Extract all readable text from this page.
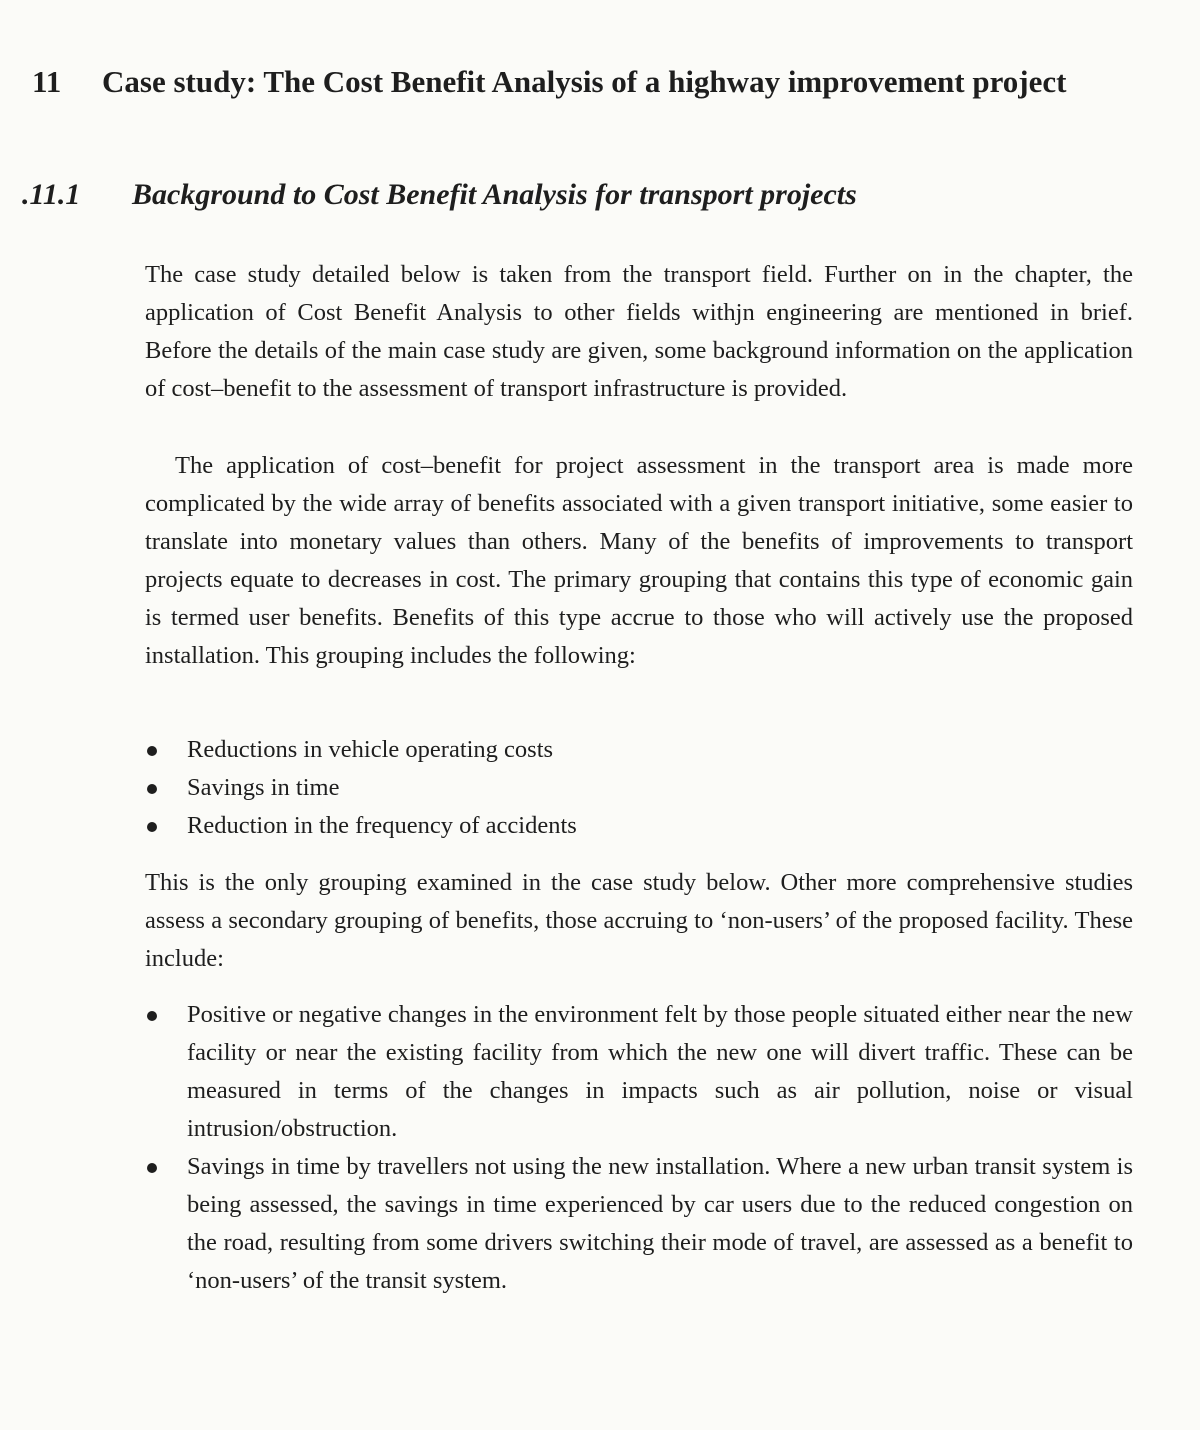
11 Case study: The Cost Benefit Analysis of a highway improvement project
.11.1 Background to Cost Benefit Analysis for transport projects

The case study detailed below is taken from the transport field. Further on in the chapter, the application of Cost Benefit Analysis to other fields withjn engineering are mentioned in brief. Before the details of the main case study are given, some background information on the application of cost–benefit to the assessment of transport infrastructure is provided.

The application of cost–benefit for project assessment in the transport area is made more complicated by the wide array of benefits associated with a given transport initiative, some easier to translate into monetary values than others. Many of the benefits of improvements to transport projects equate to decreases in cost. The primary grouping that contains this type of economic gain is termed user benefits. Benefits of this type accrue to those who will actively use the proposed installation. This grouping includes the following:

Reductions in vehicle operating costs
Savings in time
Reduction in the frequency of accidents

This is the only grouping examined in the case study below. Other more comprehensive studies assess a secondary grouping of benefits, those accruing to ‘non-users’ of the proposed facility. These include:

Positive or negative changes in the environment felt by those people situated either near the new facility or near the existing facility from which the new one will divert traffic. These can be measured in terms of the changes in impacts such as air pollution, noise or visual intrusion/obstruction.
Savings in time by travellers not using the new installation. Where a new urban transit system is being assessed, the savings in time experienced by car users due to the reduced congestion on the road, resulting from some drivers switching their mode of travel, are assessed as a benefit to ‘non-users’ of the transit system.
